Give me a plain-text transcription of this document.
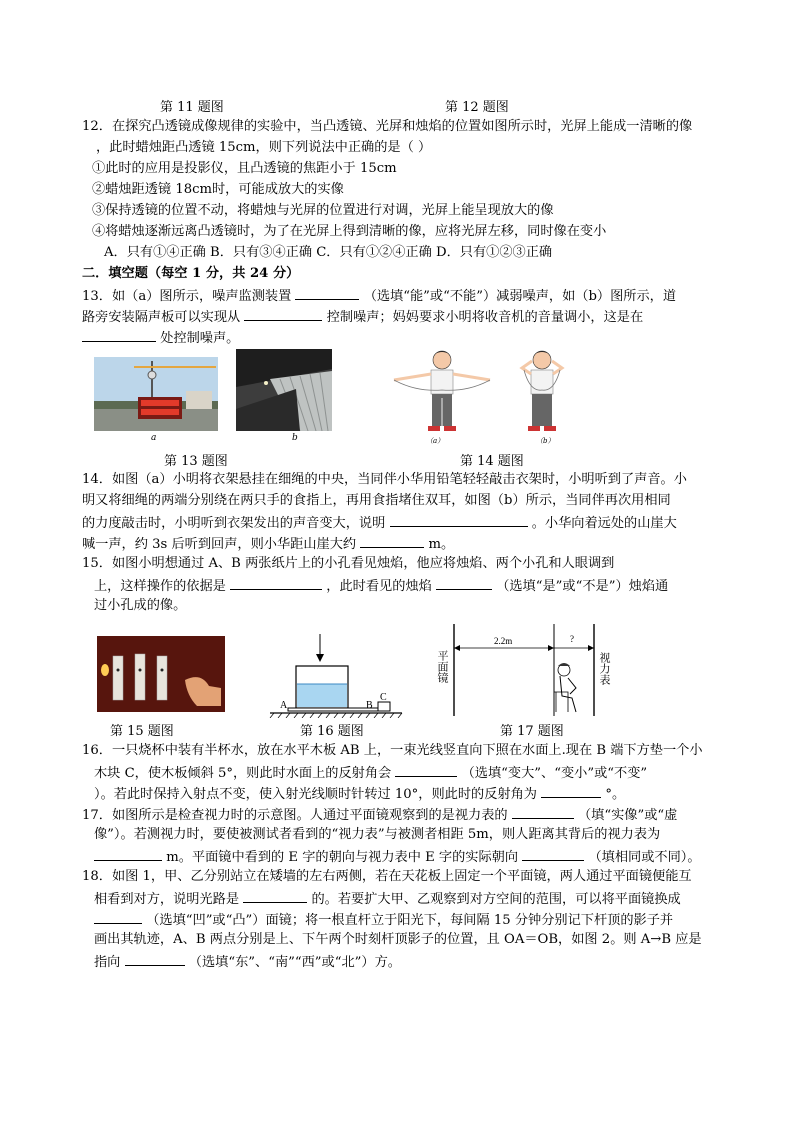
第 11 题图	第 12 题图
12．在探究凸透镜成像规律的实验中，当凸透镜、光屏和烛焰的位置如图所示时，光屏上能成一清晰的像
，此时蜡烛距凸透镜 15cm，则下列说法中正确的是（ ）
①此时的应用是投影仪，且凸透镜的焦距小于 15cm
②蜡烛距透镜 18cm时，可能成放大的实像
③保持透镜的位置不动，将蜡烛与光屏的位置进行对调，光屏上能呈现放大的像
④将蜡烛逐渐远离凸透镜时，为了在光屏上得到清晰的像，应将光屏左移，同时像在变小
A．只有①④正确 B．只有③④正确 C．只有①②④正确 D．只有①②③正确
二．填空题（每空 1 分，共 24 分）
13．如（a）图所示，噪声监测装置	（选填“能”或“不能”）减弱噪声，如（b）图所示，道
路旁安装隔声板可以实现从	控制噪声；妈妈要求小明将收音机的音量调小，这是在
处控制噪声。
a	b	（a）	（b）
第 13 题图	第 14 题图
14．如图（a）小明将衣架悬挂在细绳的中央，当同伴小华用铅笔轻轻敲击衣架时，小明听到了声音。小
明又将细绳的两端分别绕在两只手的食指上，再用食指堵住双耳，如图（b）所示，当同伴再次用相同
的力度敲击时，小明听到衣架发出的声音变大，说明	。小华向着远处的山崖大
喊一声，约 3s 后听到回声，则小华距山崖大约	m。
15．如图小明想通过 A、B 两张纸片上的小孔看见烛焰，他应将烛焰、两个小孔和人眼调到
上，这样操作的依据是	，此时看见的烛焰	（选填“是”或“不是”）烛焰通
过小孔成的像。
A	B
C
2.2m	?
平面镜	视力表
第 15 题图	第 16 题图	第 17 题图
16．一只烧杯中装有半杯水，放在水平木板 AB 上，一束光线竖直向下照在水面上.现在 B 端下方垫一个小
木块 C，使木板倾斜 5°，则此时水面上的反射角会	（选填“变大”、“变小”或“不变”
）。若此时保持入射点不变，使入射光线顺时针转过 10°，则此时的反射角为	°。
17．如图所示是检查视力时的示意图。人通过平面镜观察到的是视力表的	（填“实像”或“虚
像”）。若测视力时，要使被测试者看到的“视力表”与被测者相距 5m，则人距离其背后的视力表为
m。平面镜中看到的 E 字的朝向与视力表中 E 字的实际朝向	（填相同或不同）。
18．如图 1，甲、乙分别站立在矮墙的左右两侧，若在天花板上固定一个平面镜，两人通过平面镜便能互
相看到对方，说明光路是	的。若要扩大甲、乙观察到对方空间的范围，可以将平面镜换成
（选填“凹”或“凸”）面镜；将一根直杆立于阳光下，每间隔 15 分钟分别记下杆顶的影子并
画出其轨迹，A、B 两点分别是上、下午两个时刻杆顶影子的位置，且 OA＝OB，如图 2。则 A→B 应是
指向	（选填“东”、“南”“西”或“北”）方。
